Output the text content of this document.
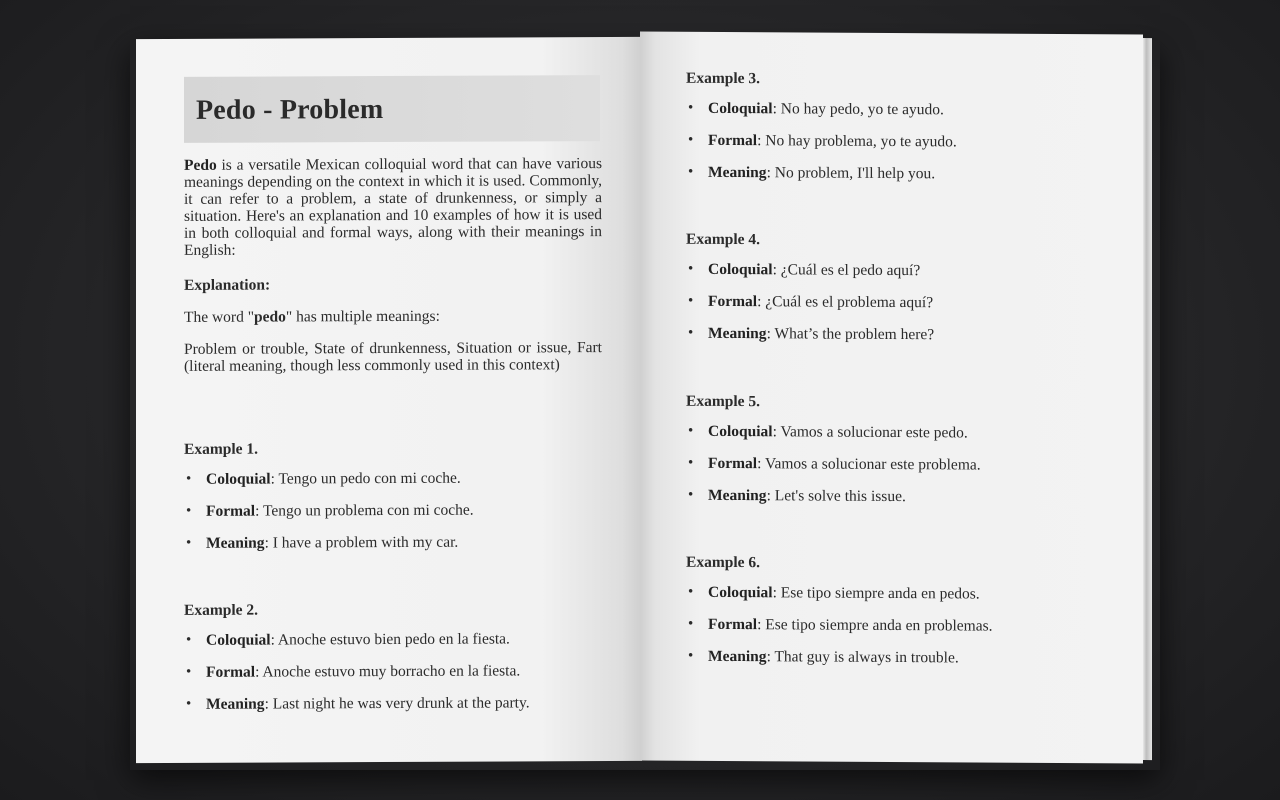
Pedo - Problem

Pedo is a versatile Mexican colloquial word that can have various meanings depending on the context in which it is used. Commonly, it can refer to a problem, a state of drunkenness, or simply a situation. Here's an explanation and 10 examples of how it is used in both colloquial and formal ways, along with their meanings in English:

Explanation:

The word "pedo" has multiple meanings:

Problem or trouble, State of drunkenness, Situation or issue, Fart (literal meaning, though less commonly used in this context)

Example 1.

• Coloquial: Tengo un pedo con mi coche.

• Formal: Tengo un problema con mi coche.

• Meaning: I have a problem with my car.

Example 2.

• Coloquial: Anoche estuvo bien pedo en la fiesta.

• Formal: Anoche estuvo muy borracho en la fiesta.

• Meaning: Last night he was very drunk at the party.

Example 3.

• Coloquial: No hay pedo, yo te ayudo.

• Formal: No hay problema, yo te ayudo.

• Meaning: No problem, I'll help you.

Example 4.

• Coloquial: ¿Cuál es el pedo aquí?

• Formal: ¿Cuál es el problema aquí?

• Meaning: What’s the problem here?

Example 5.

• Coloquial: Vamos a solucionar este pedo.

• Formal: Vamos a solucionar este problema.

• Meaning: Let's solve this issue.

Example 6.

• Coloquial: Ese tipo siempre anda en pedos.

• Formal: Ese tipo siempre anda en problemas.

• Meaning: That guy is always in trouble.
